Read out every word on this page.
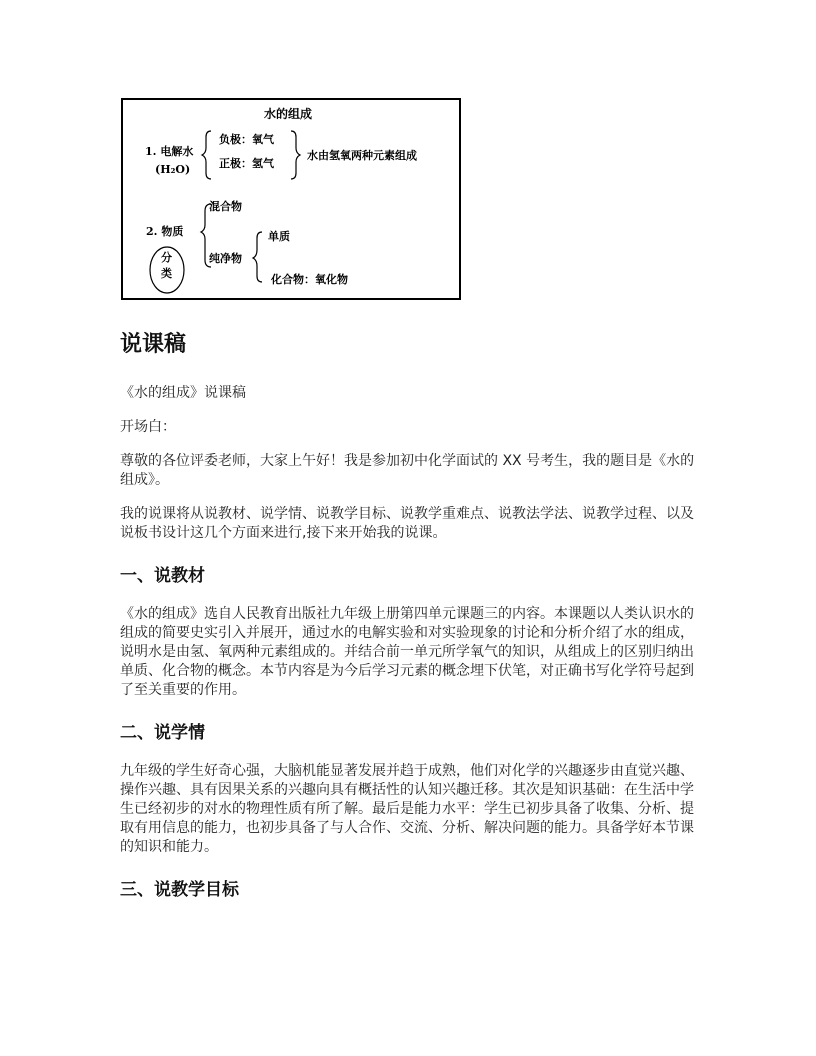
水的组成
1. 电解水
(H₂O)
负极：氧气
正极：氢气
水由氢氧两种元素组成
2. 物质
分
类
混合物
纯净物
单质
化合物：氧化物
说课稿

《水的组成》说课稿

开场白：

尊敬的各位评委老师，大家上午好！我是参加初中化学面试的 XX 号考生，我的题目是《水的组成》。

我的说课将从说教材、说学情、说教学目标、说教学重难点、说教法学法、说教学过程、以及说板书设计这几个方面来进行,接下来开始我的说课。

一、说教材

《水的组成》选自人民教育出版社九年级上册第四单元课题三的内容。本课题以人类认识水的组成的简要史实引入并展开，通过水的电解实验和对实验现象的讨论和分析介绍了水的组成，说明水是由氢、氧两种元素组成的。并结合前一单元所学氧气的知识，从组成上的区别归纳出单质、化合物的概念。本节内容是为今后学习元素的概念埋下伏笔，对正确书写化学符号起到了至关重要的作用。

二、说学情

九年级的学生好奇心强，大脑机能显著发展并趋于成熟，他们对化学的兴趣逐步由直觉兴趣、操作兴趣、具有因果关系的兴趣向具有概括性的认知兴趣迁移。其次是知识基础：在生活中学生已经初步的对水的物理性质有所了解。最后是能力水平：学生已初步具备了收集、分析、提取有用信息的能力，也初步具备了与人合作、交流、分析、解决问题的能力。具备学好本节课的知识和能力。

三、说教学目标
